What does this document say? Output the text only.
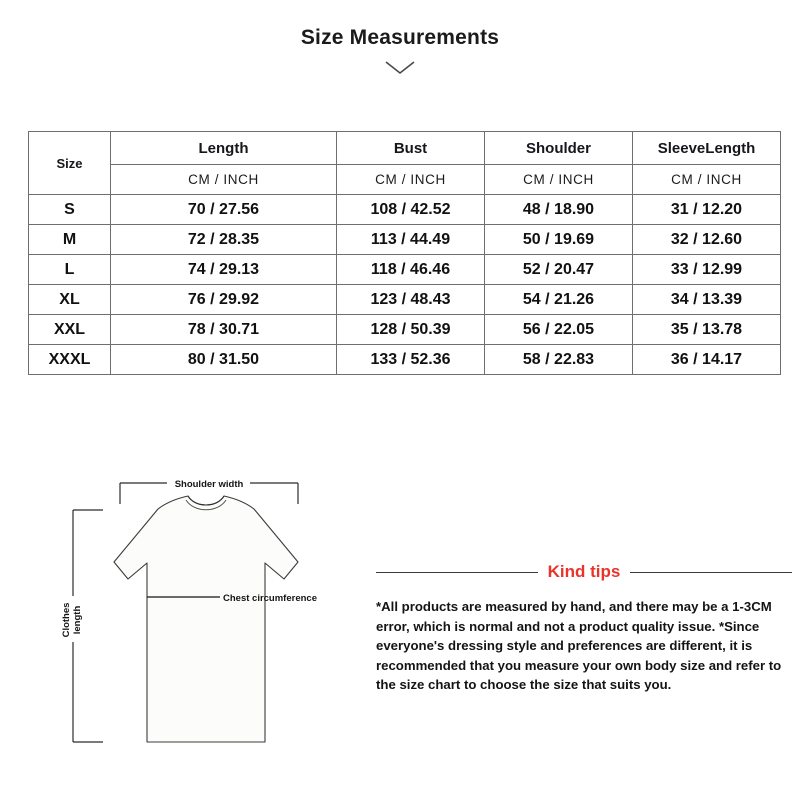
Size Measurements
Size	Length	Bust	Shoulder	SleeveLength
	CM / INCH	CM / INCH	CM / INCH	CM / INCH
S	70 / 27.56	108 / 42.52	48 / 18.90	31 / 12.20
M	72 / 28.35	113 / 44.49	50 / 19.69	32 / 12.60
L	74 / 29.13	118 / 46.46	52 / 20.47	33 / 12.99
XL	76 / 29.92	123 / 48.43	54 / 21.26	34 / 13.39
XXL	78 / 30.71	128 / 50.39	56 / 22.05	35 / 13.78
XXXL	80 / 31.50	133 / 52.36	58 / 22.83	36 / 14.17
Shoulder width
Chest circumference
Clothes length
Kind tips
*All products are measured by hand, and there may be a 1-3CM error, which is normal and not a product quality issue. *Since everyone's dressing style and preferences are different, it is recommended that you measure your own body size and refer to the size chart to choose the size that suits you.
